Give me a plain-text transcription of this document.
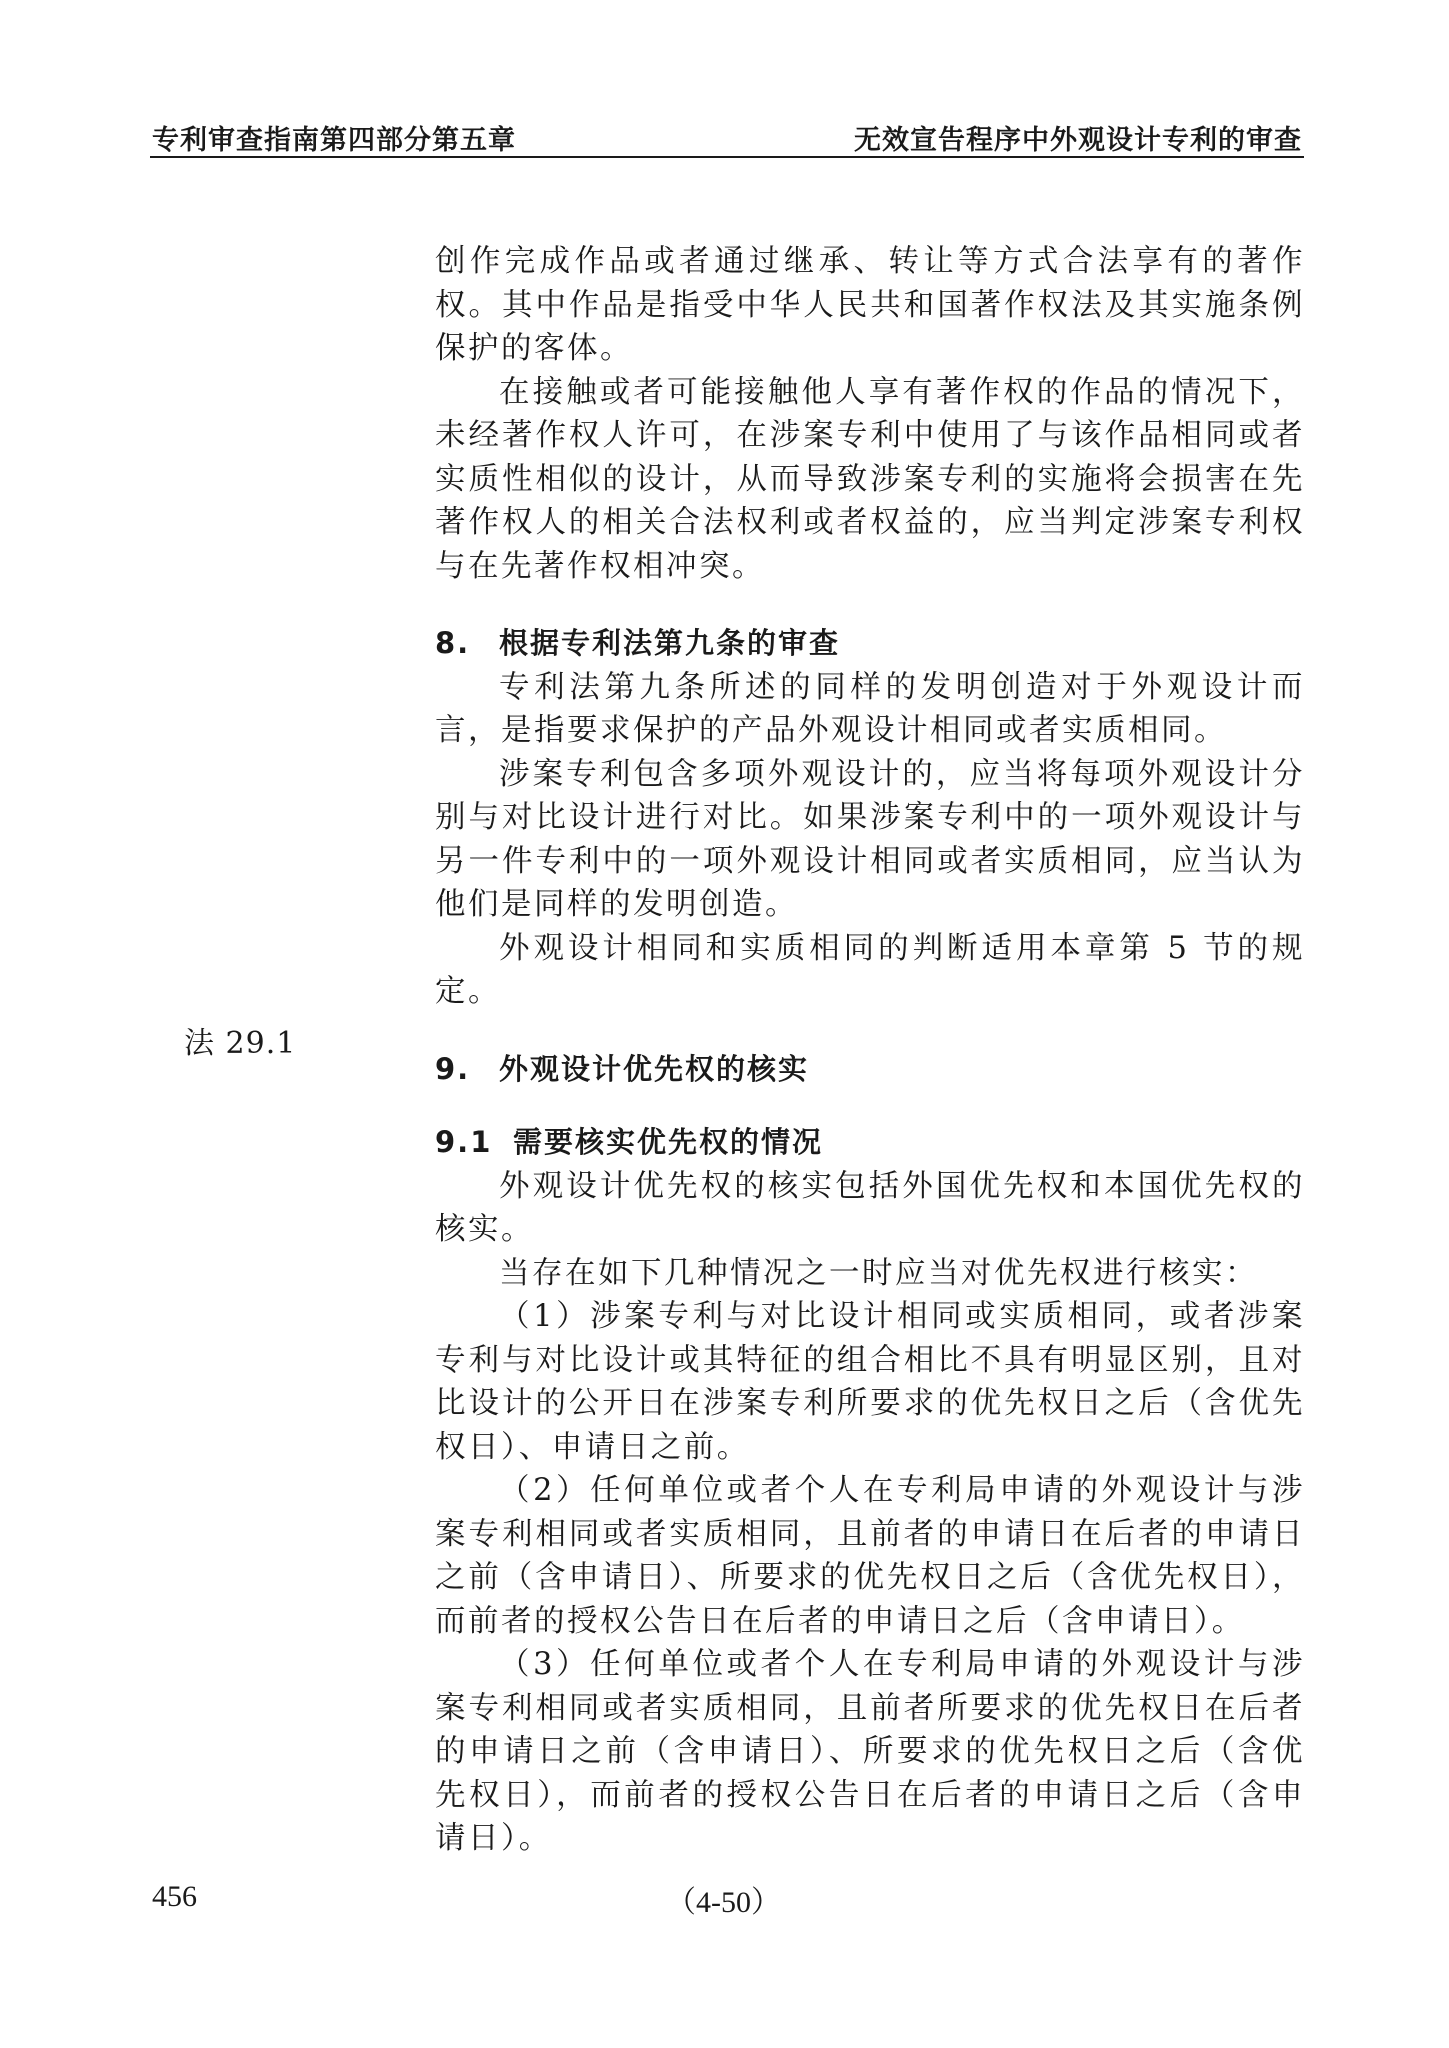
专利审查指南第四部分第五章	无效宣告程序中外观设计专利的审查
法 29.1

创作完成作品或者通过继承、转让等方式合法享有的著作权。其中作品是指受中华人民共和国著作权法及其实施条例保护的客体。

在接触或者可能接触他人享有著作权的作品的情况下，未经著作权人许可，在涉案专利中使用了与该作品相同或者实质性相似的设计，从而导致涉案专利的实施将会损害在先著作权人的相关合法权利或者权益的，应当判定涉案专利权与在先著作权相冲突。

8. 根据专利法第九条的审查

专利法第九条所述的同样的发明创造对于外观设计而言，是指要求保护的产品外观设计相同或者实质相同。

涉案专利包含多项外观设计的，应当将每项外观设计分别与对比设计进行对比。如果涉案专利中的一项外观设计与另一件专利中的一项外观设计相同或者实质相同，应当认为他们是同样的发明创造。

外观设计相同和实质相同的判断适用本章第 5 节的规定。

9. 外观设计优先权的核实
9.1 需要核实优先权的情况

外观设计优先权的核实包括外国优先权和本国优先权的核实。

当存在如下几种情况之一时应当对优先权进行核实：

（1）涉案专利与对比设计相同或实质相同，或者涉案专利与对比设计或其特征的组合相比不具有明显区别，且对比设计的公开日在涉案专利所要求的优先权日之后（含优先权日）、申请日之前。

（2）任何单位或者个人在专利局申请的外观设计与涉案专利相同或者实质相同，且前者的申请日在后者的申请日之前（含申请日）、所要求的优先权日之后（含优先权日），而前者的授权公告日在后者的申请日之后（含申请日）。

（3）任何单位或者个人在专利局申请的外观设计与涉案专利相同或者实质相同，且前者所要求的优先权日在后者的申请日之前（含申请日）、所要求的优先权日之后（含优先权日），而前者的授权公告日在后者的申请日之后（含申请日）。

456	（4-50）
